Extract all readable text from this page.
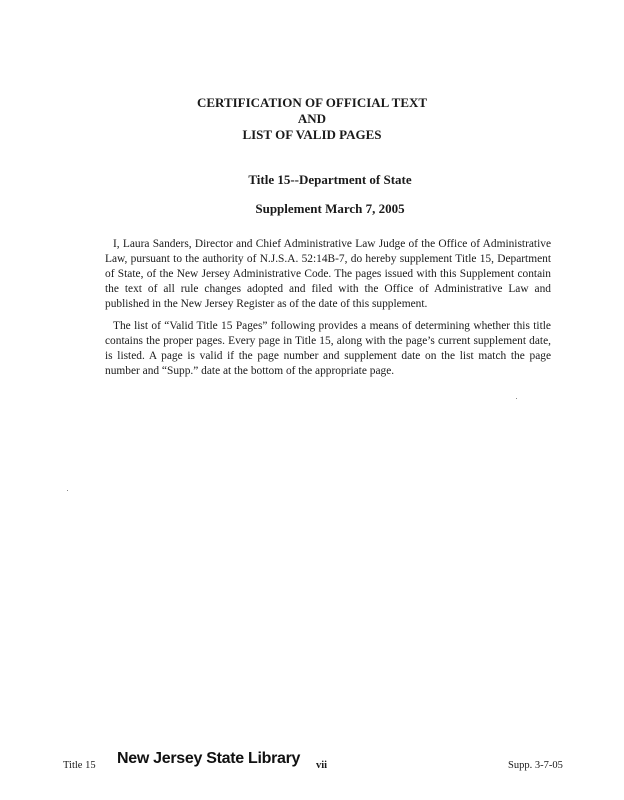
CERTIFICATION OF OFFICIAL TEXT
AND
LIST OF VALID PAGES
Title 15--Department of State
Supplement March 7, 2005

I, Laura Sanders, Director and Chief Administrative Law Judge of the Office of Administrative Law, pursuant to the authority of N.J.S.A. 52:14B-7, do hereby supplement Title 15, Department of State, of the New Jersey Administrative Code. The pages issued with this Supplement contain the text of all rule changes adopted and filed with the Office of Administrative Law and published in the New Jersey Register as of the date of this supplement.

The list of “Valid Title 15 Pages” following provides a means of determining whether this title contains the proper pages. Every page in Title 15, along with the page’s current supplement date, is listed. A page is valid if the page number and supplement date on the list match the page number and “Supp.” date at the bottom of the appropriate page.

Title 15 New Jersey State Library vii	Supp. 3-7-05
